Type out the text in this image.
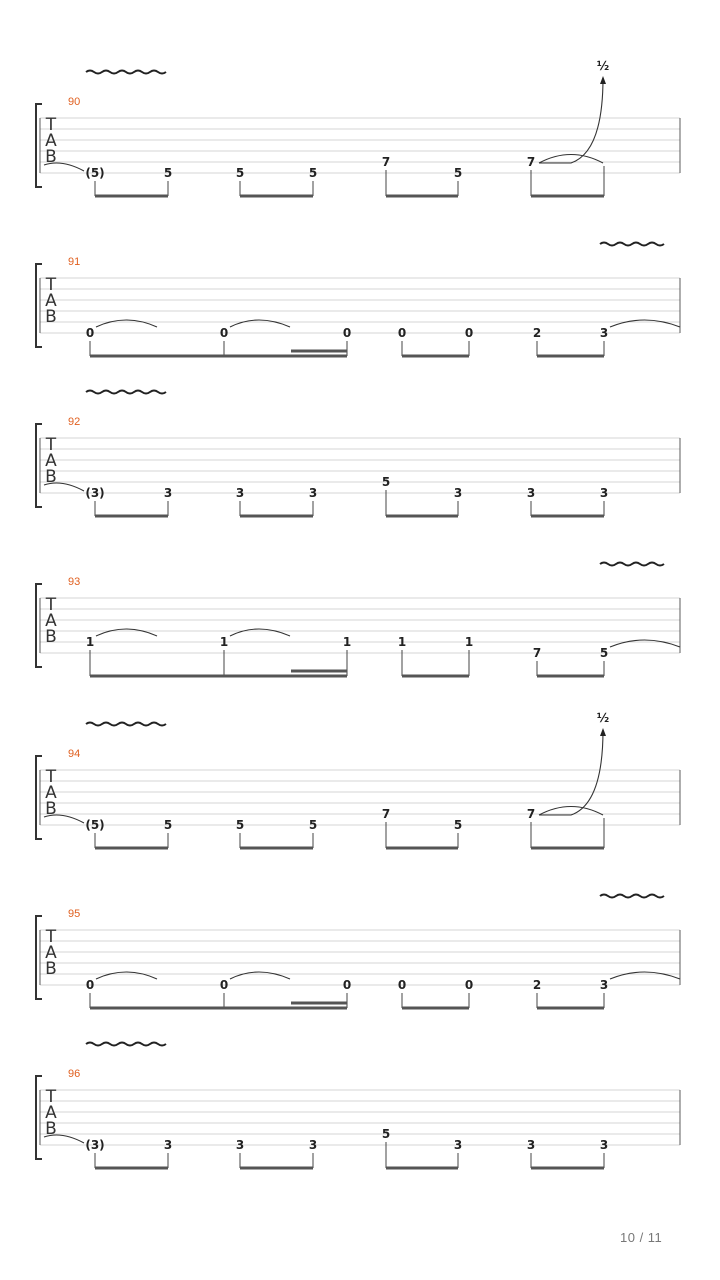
T
A
B
90
(5)	5	5	5
7
5
7
½
T
A
B
91
0	0	0	0	0	2	3
T
A
B
92
(3)	3	3	3
5
3	3	3
T
A
B
93
1	1	1	1	1
7	5
T
A
B
94
(5)	5	5	5
7
5
7
½
T
A
B
95
0	0	0	0	0	2	3
T
A
B
96
(3)	3	3	3
5
3	3	3
10 / 11
